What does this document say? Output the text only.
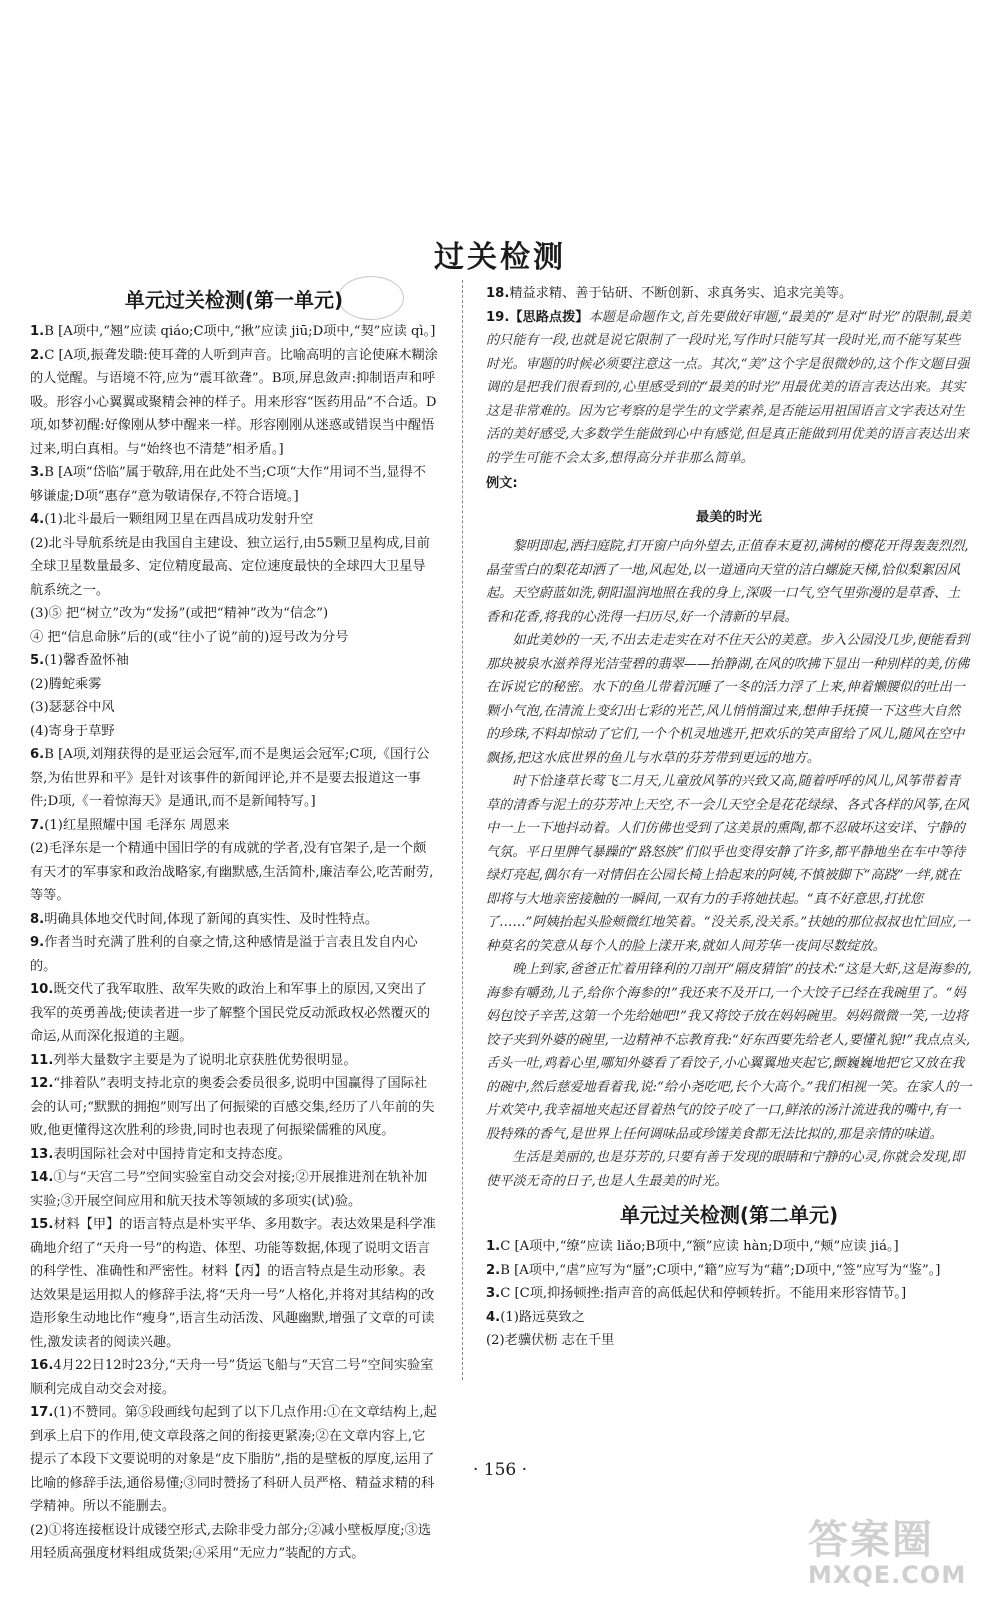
过关检测
单元过关检测(第一单元)
1.B [A项中,“翘”应读 qiáo;C项中,“揪”应读 jiū;D项中,“契”应读 qì。]
2.C [A项,振聋发聩:使耳聋的人听到声音。比喻高明的言论使麻木糊涂的人觉醒。与语境不符,应为“震耳欲聋”。B项,屏息敛声:抑制语声和呼吸。形容小心翼翼或聚精会神的样子。用来形容“医药用品”不合适。D项,如梦初醒:好像刚从梦中醒来一样。形容刚刚从迷惑或错误当中醒悟过来,明白真相。与“始终也不清楚”相矛盾。]
3.B [A项“岱临”属于敬辞,用在此处不当;C项“大作”用词不当,显得不够谦虚;D项“惠存”意为敬请保存,不符合语境。]
4.(1)北斗最后一颗组网卫星在西昌成功发射升空
(2)北斗导航系统是由我国自主建设、独立运行,由55颗卫星构成,目前全球卫星数量最多、定位精度最高、定位速度最快的全球四大卫星导航系统之一。
(3)⑤ 把“树立”改为“发扬”(或把“精神”改为“信念”)
④ 把“信息命脉”后的(或“往小了说”前的)逗号改为分号
5.(1)馨香盈怀袖
(2)腾蛇乘雾
(3)瑟瑟谷中风
(4)寄身于草野
6.B [A项,刘翔获得的是亚运会冠军,而不是奥运会冠军;C项,《国行公祭,为佑世界和平》是针对该事件的新闻评论,并不是要去报道这一事件;D项,《一着惊海天》是通讯,而不是新闻特写。]
7.(1)红星照耀中国 毛泽东 周恩来
(2)毛泽东是一个精通中国旧学的有成就的学者,没有官架子,是一个颇有天才的军事家和政治战略家,有幽默感,生活简朴,廉洁奉公,吃苦耐劳,等等。
8.明确具体地交代时间,体现了新闻的真实性、及时性特点。
9.作者当时充满了胜利的自豪之情,这种感情是溢于言表且发自内心的。
10.既交代了我军取胜、敌军失败的政治上和军事上的原因,又突出了我军的英勇善战;使读者进一步了解整个国民党反动派政权必然覆灭的命运,从而深化报道的主题。
11.列举大量数字主要是为了说明北京获胜优势很明显。
12.“排着队”表明支持北京的奥委会委员很多,说明中国赢得了国际社会的认可;“默默的拥抱”则写出了何振梁的百感交集,经历了八年前的失败,他更懂得这次胜利的珍贵,同时也表现了何振梁儒雅的风度。
13.表明国际社会对中国持肯定和支持态度。
14.①与“天宫二号”空间实验室自动交会对接;②开展推进剂在轨补加实验;③开展空间应用和航天技术等领域的多项实(试)验。
15.材料【甲】的语言特点是朴实平华、多用数字。表达效果是科学准确地介绍了“天舟一号”的构造、体型、功能等数据,体现了说明文语言的科学性、准确性和严密性。材料【丙】的语言特点是生动形象。表达效果是运用拟人的修辞手法,将“天舟一号”人格化,并将对其结构的改造形象生动地比作“瘦身”,语言生动活泼、风趣幽默,增强了文章的可读性,激发读者的阅读兴趣。
16.4月22日12时23分,“天舟一号”货运飞船与“天宫二号”空间实验室顺利完成自动交会对接。
17.(1)不赞同。第⑤段画线句起到了以下几点作用:①在文章结构上,起到承上启下的作用,使文章段落之间的衔接更紧凑;②在文章内容上,它提示了本段下文要说明的对象是“皮下脂肪”,指的是壁板的厚度,运用了比喻的修辞手法,通俗易懂;③同时赞扬了科研人员严格、精益求精的科学精神。所以不能删去。
(2)①将连接框设计成镂空形式,去除非受力部分;②减小壁板厚度;③选用轻质高强度材料组成货架;④采用“无应力”装配的方式。
18.精益求精、善于钻研、不断创新、求真务实、追求完美等。
19.【思路点拨】本题是命题作文,首先要做好审题,“最美的”是对“时光”的限制,最美的只能有一段,也就是说它限制了一段时光,写作时只能写其一段时光,而不能写某些时光。审题的时候必须要注意这一点。其次,“美”这个字是很微妙的,这个作文题目强调的是把我们很看到的,心里感受到的“最美的时光”用最优美的语言表达出来。其实这是非常难的。因为它考察的是学生的文学素养,是否能运用祖国语言文字表达对生活的美好感受,大多数学生能做到心中有感觉,但是真正能做到用优美的语言表达出来的学生可能不会太多,想得高分并非那么简单。
例文:
最美的时光

黎明即起,洒扫庭院,打开窗户向外望去,正值春末夏初,满树的樱花开得轰轰烈烈,晶莹雪白的梨花却洒了一地,风起处,以一道通向天堂的洁白螺旋天梯,恰似梨絮因风起。天空蔚蓝如洗,朝阳温润地照在我的身上,深吸一口气,空气里弥漫的是草香、土香和花香,将我的心洗得一扫历尽,好一个清新的早晨。

如此美妙的一天,不出去走走实在对不住天公的美意。步入公园没几步,便能看到那块被泉水滋养得光洁莹碧的翡翠——抬静湖,在风的吹拂下显出一种别样的美,仿佛在诉说它的秘密。水下的鱼儿带着沉睡了一冬的活力浮了上来,伸着懒腰似的吐出一颗小气泡,在清流上变幻出七彩的光芒,风儿悄悄溜过来,想伸手抚摸一下这些大自然的珍珠,不料却惊动了它们,一个个机灵地逃开,把欢乐的笑声留给了风儿,随风在空中飘扬,把这水底世界的鱼儿与水草的芬芳带到更远的地方。

时下恰逢草长莺飞二月天,儿童放风筝的兴致又高,随着呼呼的风儿,风筝带着青草的清香与泥土的芬芳冲上天空,不一会儿天空全是花花绿绿、各式各样的风筝,在风中一上一下地抖动着。人们仿佛也受到了这美景的熏陶,都不忍破坏这安详、宁静的气氛。平日里脾气暴躁的“路怒族”们似乎也变得安静了许多,都平静地坐在车中等待绿灯亮起,偶尔有一对情侣在公园长椅上拾起来的阿姨,不慎被脚下“高跷”一绊,就在即将与大地亲密接触的一瞬间,一双有力的手将她扶起。“真不好意思,打扰您了……”阿姨抬起头脸颊微红地笑着。“没关系,没关系。”扶她的那位叔叔也忙回应,一种莫名的笑意从每个人的脸上漾开来,就如人间芳华一夜间尽数绽放。

晚上到家,爸爸正忙着用锋利的刀剖开“隔皮猜馅”的技术:“这是大虾,这是海参的,海参有嚼劲,儿子,给你个海参的!”我还来不及开口,一个大饺子已经在我碗里了。“妈妈包饺子辛苦,这第一个先给她吧!”我又将饺子放在妈妈碗里。妈妈微微一笑,一边将饺子夹到外婆的碗里,一边精神不忘教育我:“好东西要先给老人,要懂礼貌!”我点点头,舌头一吐,鸡着心里,哪知外婆看了看饺子,小心翼翼地夹起它,颤巍巍地把它又放在我的碗中,然后慈爱地看着我,说:“给小尧吃吧,长个大高个。”我们相视一笑。在家人的一片欢笑中,我幸福地夹起还冒着热气的饺子咬了一口,鲜浓的汤汁流进我的嘴中,有一股特殊的香气,是世界上任何调味品或珍馐美食都无法比拟的,那是亲情的味道。

生活是美丽的,也是芬芳的,只要有善于发现的眼睛和宁静的心灵,你就会发现,即使平淡无奇的日子,也是人生最美的时光。

单元过关检测(第二单元)
1.C [A项中,“缭”应读 liǎo;B项中,“额”应读 hàn;D项中,“颊”应读 jiá。]
2.B [A项中,“虐”应写为“蜃”;C项中,“籍”应写为“藉”;D项中,“签”应写为“鉴”。]
3.C [C项,抑扬顿挫:指声音的高低起伏和停顿转折。不能用来形容情节。]
4.(1)路远莫致之
(2)老骥伏枥 志在千里
· 156 ·
答案圈
MXQE.COM
